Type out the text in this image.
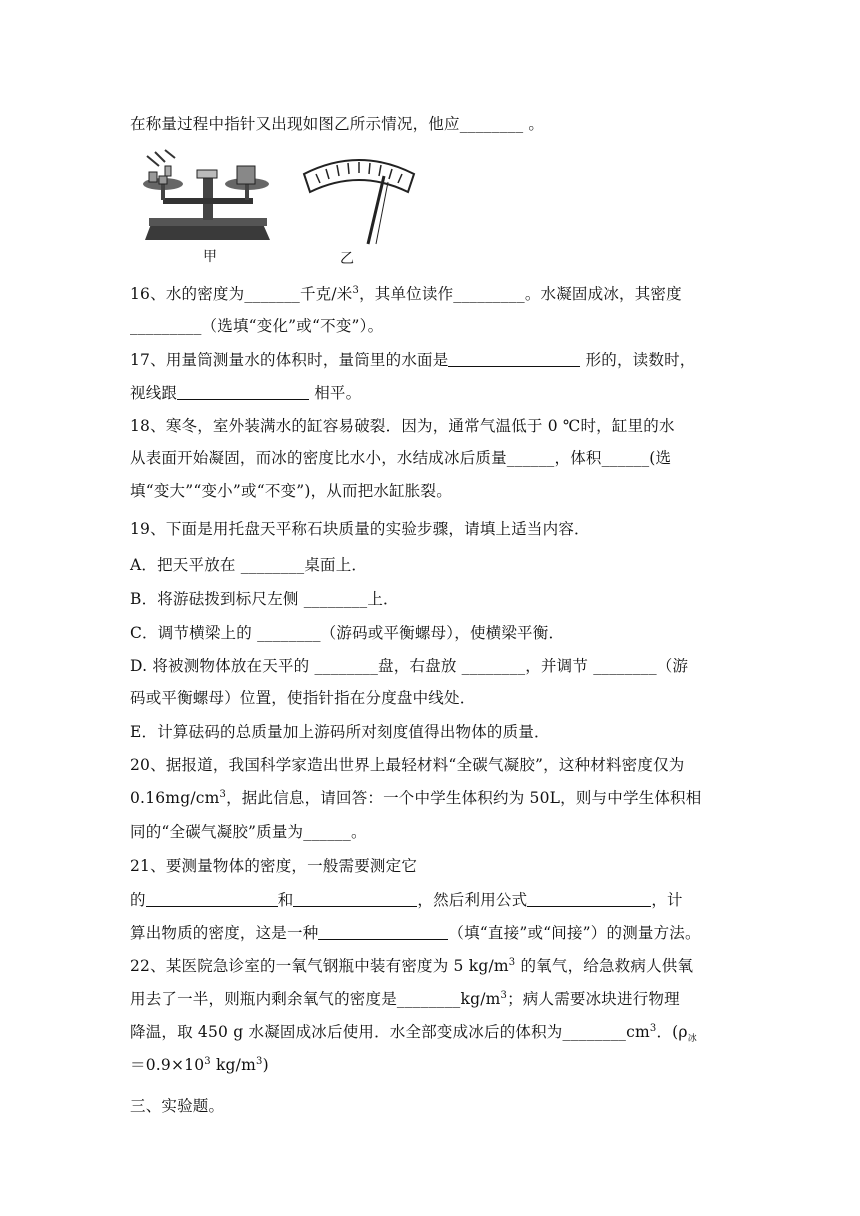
在称量过程中指针又出现如图乙所示情况，他应________ 。
甲	乙
16、水的密度为_______千克/米$^3$，其单位读作_________。水凝固成冰，其密度
_________（选填“变化”或“不变”）。
17、用量筒测量水的体积时，量筒里的水面是	形的，读数时，
视线跟	相平。
18、寒冬，室外装满水的缸容易破裂．因为，通常气温低于 0 ℃时，缸里的水
从表面开始凝固，而冰的密度比水小，水结成冰后质量______，体积______(选
填“变大”“变小”或“不变”)，从而把水缸胀裂。
19、下面是用托盘天平称石块质量的实验步骤，请填上适当内容．
A．把天平放在 ________桌面上．
B．将游砝拨到标尺左侧 ________上．
C．调节横梁上的 ________（游码或平衡螺母），使横梁平衡．
D. 将被测物体放在天平的 ________盘，右盘放 ________，并调节 ________（游
码或平衡螺母）位置，使指针指在分度盘中线处．
E．计算砝码的总质量加上游码所对刻度值得出物体的质量．
20、据报道，我国科学家造出世界上最轻材料“全碳气凝胶”，这种材料密度仅为
$0.16mg/cm^3$，据此信息，请回答：一个中学生体积约为 50L，则与中学生体积相
同的“全碳气凝胶”质量为______。
21、要测量物体的密度，一般需要测定它
的	和	，然后利用公式	，计
算出物质的密度，这是一种	（填“直接”或“间接”）的测量方法。
22、某医院急诊室的一氧气钢瓶中装有密度为 5 $kg/m^3$ 的氧气，给急救病人供氧
用去了一半，则瓶内剩余氧气的密度是$\_\_\_\_\_\_\_\_kg/m^3$；病人需要冰块进行物理
降温，取 450 g 水凝固成冰后使用．水全部变成冰后的体积为$\_\_\_\_\_\_\_\_cm^3$．($\rho_冰$
$=0.9\times 10^3$ $kg/m^3$)
三、实验题。
